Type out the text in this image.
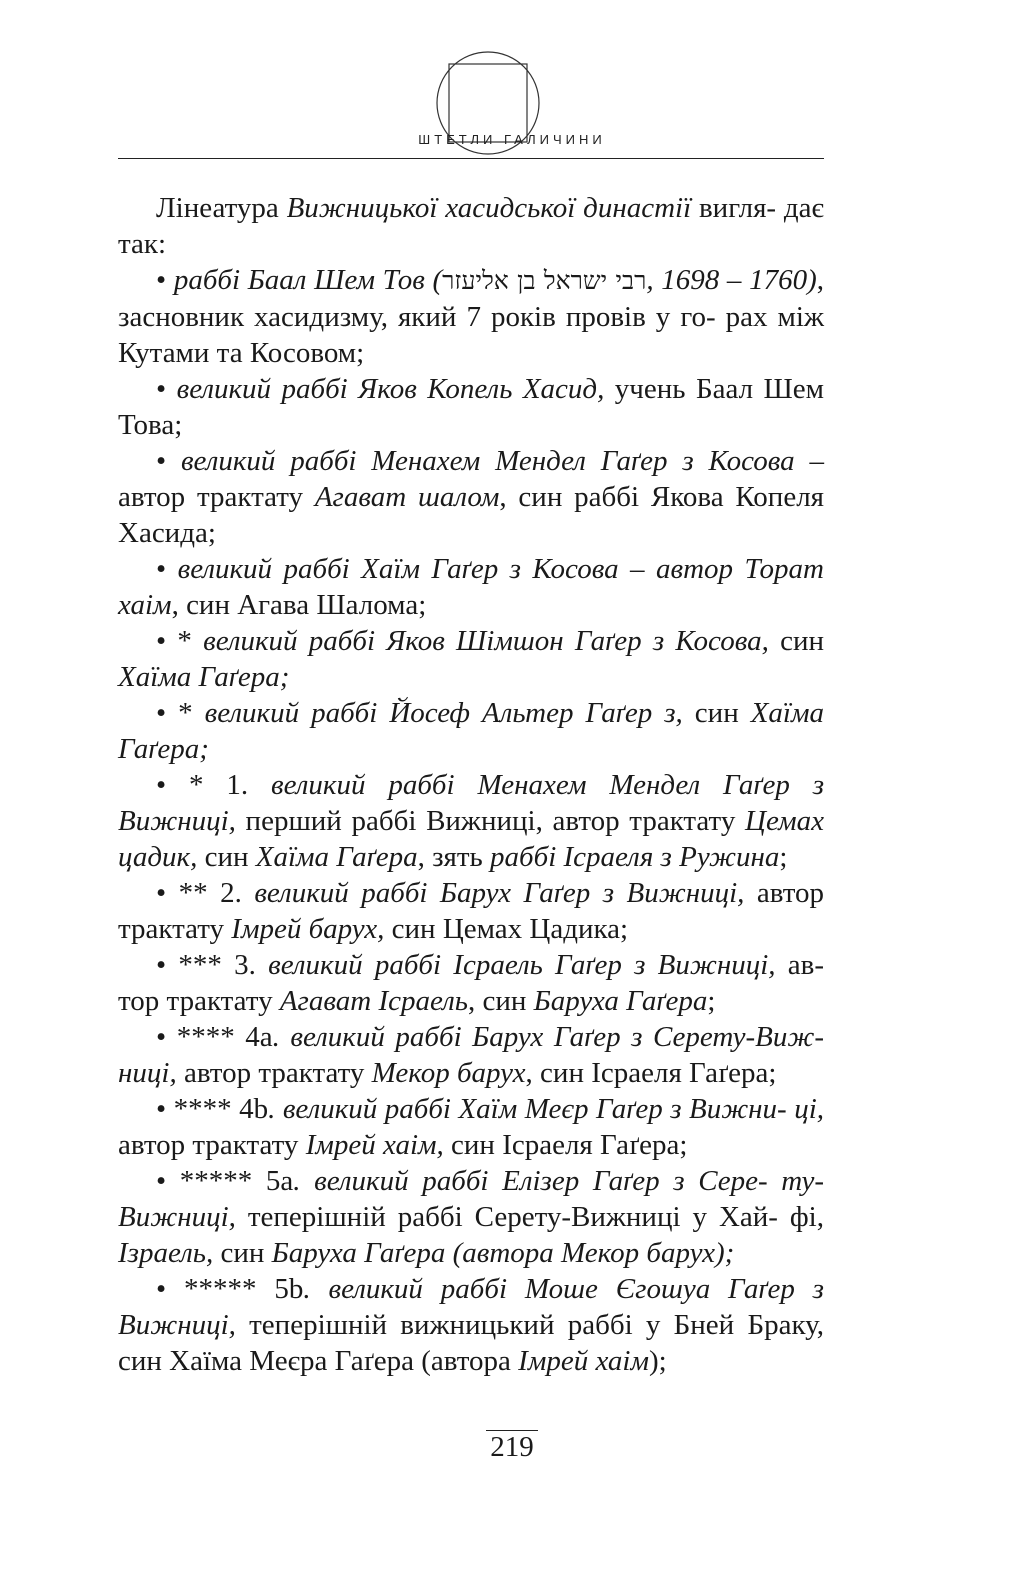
ШТЕТЛИ ГАЛИЧИНИ

Лінеатура Вижницької хасидської династії вигля- дає так:

• раббі Баал Шем Тов (רבי ישראל בן אליעזר, 1698 – 1760), засновник хасидизму, який 7 років провів у го- рах між Кутами та Косовом;

• великий раббі Яков Копель Хасид, учень Баал Шем Това;

• великий раббі Менахем Мендел Гаґер з Косова – автор трактату Агават шалом, син раббі Якова Копеля Хасида;

• великий раббі Хаїм Гаґер з Косова – автор Торат хаім, син Агава Шалома;

• * великий раббі Яков Шімшон Гаґер з Косова, син Хаїма Гаґера;

• * великий раббі Йосеф Альтер Гаґер з, син Хаїма Гаґера;

• * 1. великий раббі Менахем Мендел Гаґер з Вижниці, перший раббі Вижниці, автор трактату Цемах цадик, син Хаїма Гаґера, зять раббі Ісраеля з Ружина;

• ** 2. великий раббі Барух Гаґер з Вижниці, автор трактату Імрей барух, син Цемах Цадика;

• *** 3. великий раббі Ісраель Гаґер з Вижниці, ав- тор трактату Агават Ісраель, син Баруха Гаґера;

• **** 4a. великий раббі Барух Гаґер з Серету-Виж- ниці, автор трактату Мекор барух, син Ісраеля Гаґера;

• **** 4b. великий раббі Хаїм Меєр Гаґер з Вижни- ці, автор трактату Імрей хаім, син Ісраеля Гаґера;

• ***** 5a. великий раббі Елізер Гаґер з Сере- ту-Вижниці, теперішній раббі Серету-Вижниці у Хай- фі, Ізраель, син Баруха Гаґера (автора Мекор барух);

• ***** 5b. великий раббі Моше Єгошуа Гаґер з Вижниці, теперішній вижницький раббі у Бней Браку, син Хаїма Меєра Гаґера (автора Імрей хаім);

219
